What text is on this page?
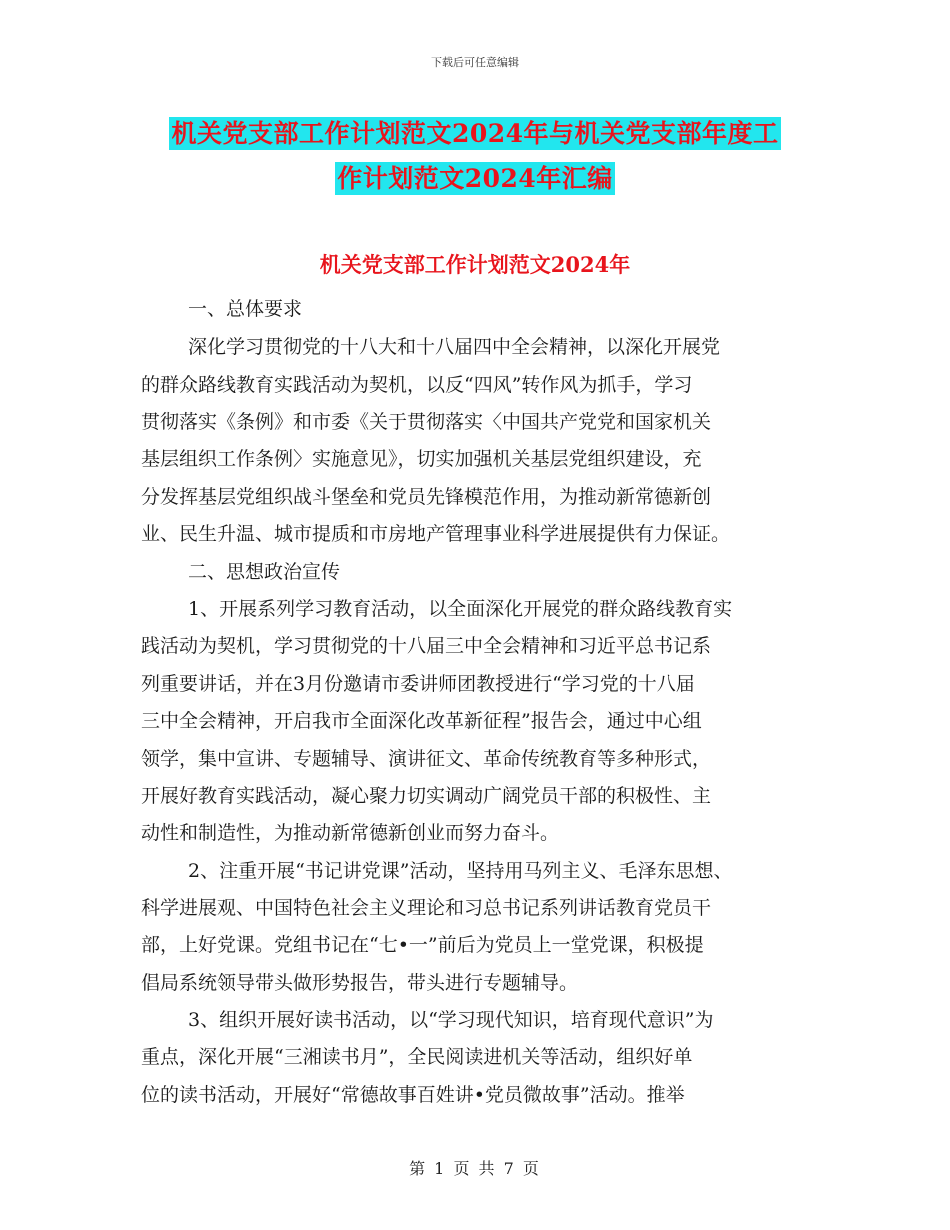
下载后可任意编辑
机关党支部工作计划范文2024年与机关党支部年度工
作计划范文2024年汇编
机关党支部工作计划范文2024年
一、总体要求
深化学习贯彻党的十八大和十八届四中全会精神，以深化开展党
的群众路线教育实践活动为契机，以反“四风”转作风为抓手，学习
贯彻落实《条例》和市委《关于贯彻落实〈中国共产党党和国家机关
基层组织工作条例〉实施意见》，切实加强机关基层党组织建设，充
分发挥基层党组织战斗堡垒和党员先锋模范作用，为推动新常德新创
业、民生升温、城市提质和市房地产管理事业科学进展提供有力保证。
二、思想政治宣传
1、开展系列学习教育活动，以全面深化开展党的群众路线教育实
践活动为契机，学习贯彻党的十八届三中全会精神和习近平总书记系
列重要讲话，并在3月份邀请市委讲师团教授进行“学习党的十八届
三中全会精神，开启我市全面深化改革新征程”报告会，通过中心组
领学，集中宣讲、专题辅导、演讲征文、革命传统教育等多种形式，
开展好教育实践活动，凝心聚力切实调动广阔党员干部的积极性、主
动性和制造性，为推动新常德新创业而努力奋斗。
2、注重开展“书记讲党课”活动，坚持用马列主义、毛泽东思想、
科学进展观、中国特色社会主义理论和习总书记系列讲话教育党员干
部，上好党课。党组书记在“七•一”前后为党员上一堂党课，积极提
倡局系统领导带头做形势报告，带头进行专题辅导。
3、组织开展好读书活动，以“学习现代知识，培育现代意识”为
重点，深化开展“三湘读书月”，全民阅读进机关等活动，组织好单
位的读书活动，开展好“常德故事百姓讲•党员微故事”活动。推举
第 1 页 共 7 页
